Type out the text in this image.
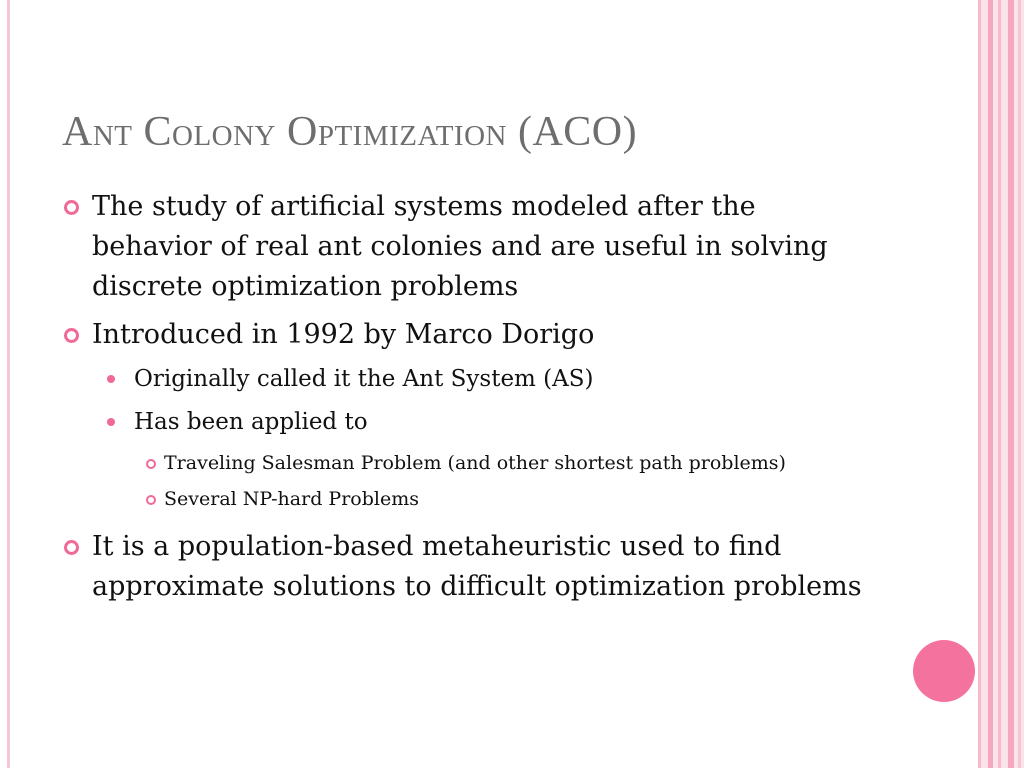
Ant Colony Optimization (ACO)
The study of artificial systems modeled after the behavior of real ant colonies and are useful in solving discrete optimization problems
Introduced in 1992 by Marco Dorigo
Originally called it the Ant System (AS)
Has been applied to
Traveling Salesman Problem (and other shortest path problems)
Several NP-hard Problems
It is a population-based metaheuristic used to find approximate solutions to difficult optimization problems
